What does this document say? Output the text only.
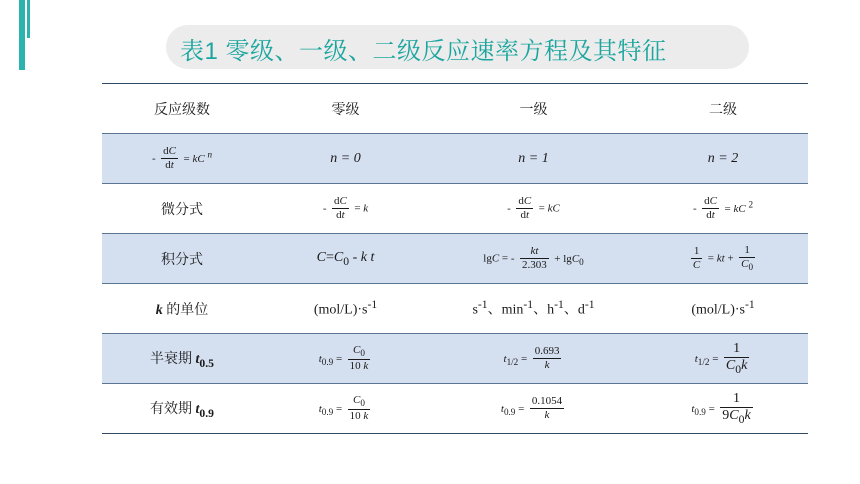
表1 零级、一级、二级反应速率方程及其特征
反应级数	零级	一级	二级
- $\frac{dC}{dt}$ = kC $^n$	n = 0	n = 1	n = 2
微分式	- $\frac{dC}{dt} = k$	- $\frac{dC}{dt}$ = kC	- $\frac{dC}{dt}$ = kC $^2$
积分式	$C=C_0 - k$ t	lgC = - $\frac{kt}{2.303} + \lg C_0$	$\frac{1}{C}$ = kt + $\frac{1}{C_0}$

k 的单位	$(mol/L)\cdot s^{-1}$	$s^{-1}$、$\min^{-1}$、$h^{-1}$、$d^{-1}$	$(mol/L)\cdot s^{-1}$
半衰期 $t_{0.5}$	$t_{0.9} = \frac{C_0}{10 k}$	$t_{1/2} = \frac{0.693}{k}$	$t_{1/2} = \frac{1}{C_0k}$

有效期 $t_{0.9}$	$t_{0.9} = \frac{C_0}{10 k}$	$t_{0.9} = \frac{0.1054}{k}$	$t_{0.9} = \frac{1}{9C_0k}$
